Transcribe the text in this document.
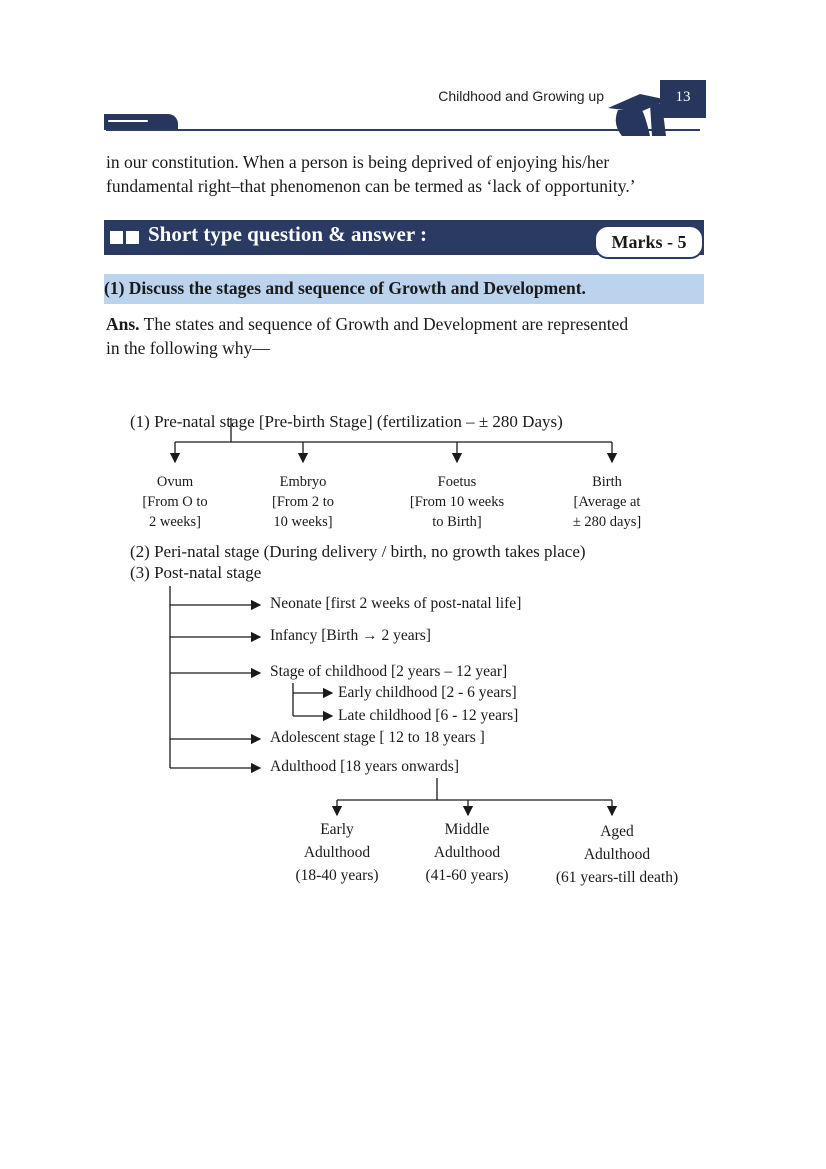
Childhood and Growing up	13
in our constitution. When a person is being deprived of enjoying his/her
fundamental right–that phenomenon can be termed as ‘lack of opportunity.’
Short type question & answer :	Marks - 5
(1) Discuss the stages and sequence of Growth and Development.
Ans. The states and sequence of Growth and Development are represented
in the following why—
(1) Pre-natal stage [Pre-birth Stage] (fertilization – ± 280 Days)
Ovum
[From O to
2 weeks]
Embryo
[From 2 to
10 weeks]
Foetus
[From 10 weeks
to Birth]
Birth
[Average at
± 280 days]
(2) Peri-natal stage (During delivery / birth, no growth takes place)
(3) Post-natal stage
Neonate [first 2 weeks of post-natal life]
Infancy [Birth → 2 years]
Stage of childhood [2 years – 12 year]
Early childhood [2 - 6 years]
Late childhood [6 - 12 years]
Adolescent stage [ 12 to 18 years ]
Adulthood [18 years onwards]
Early
Adulthood
(18-40 years)
Middle
Adulthood
(41-60 years)
Aged
Adulthood
(61 years-till death)
